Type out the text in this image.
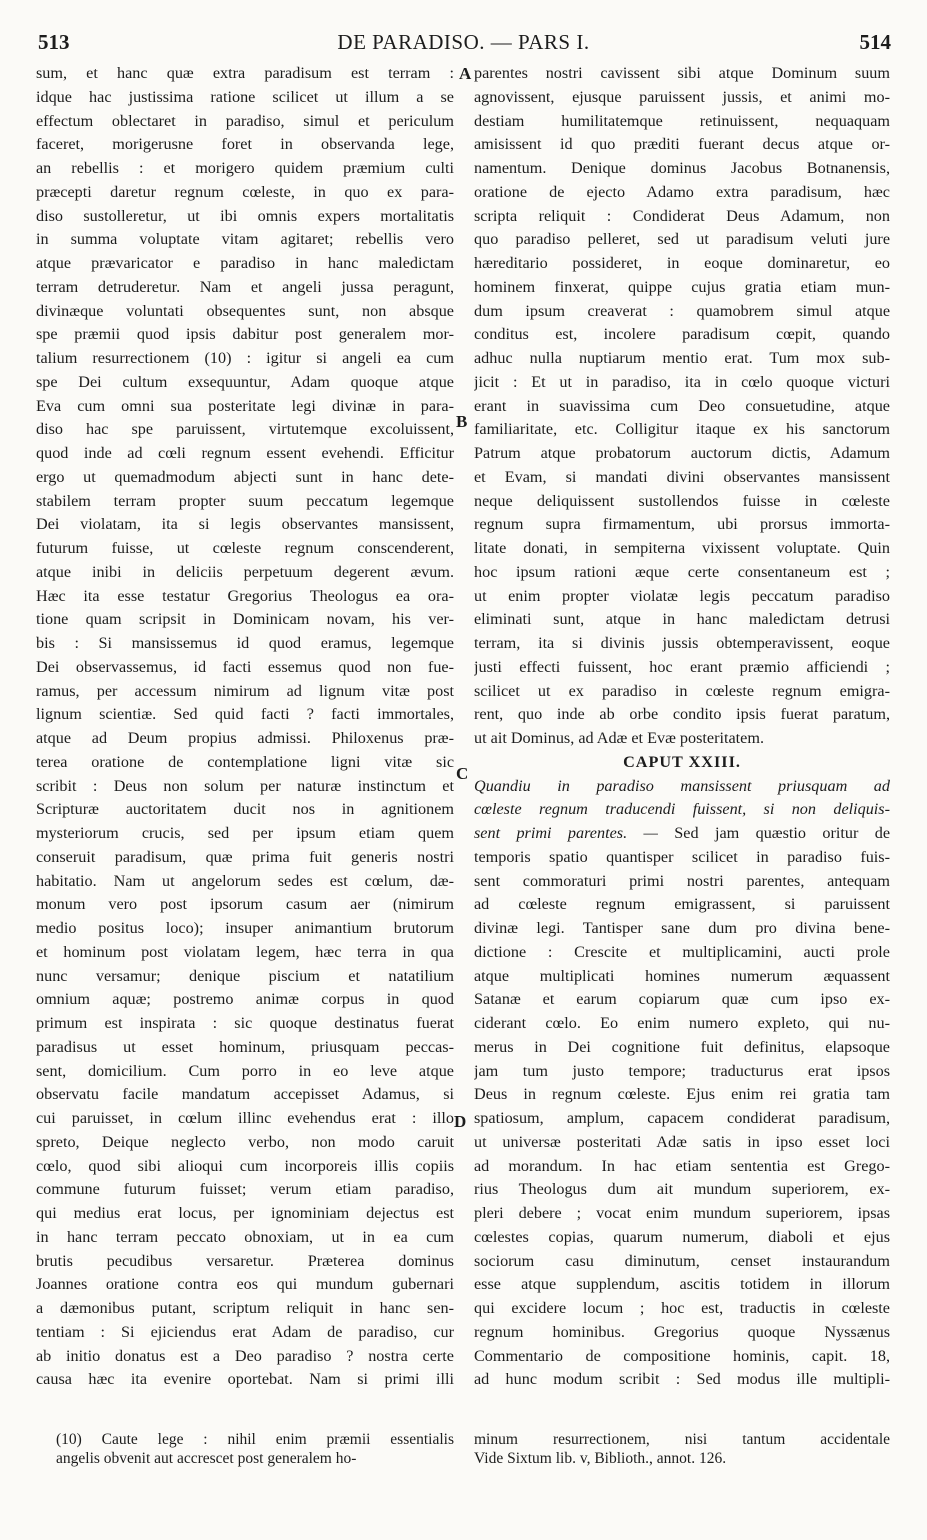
513	DE PARADISO. — PARS I.	514
sum, et hanc quæ extra paradisum est terram :
idque hac justissima ratione scilicet ut illum a se
effectum oblectaret in paradiso, simul et periculum
faceret, morigerusne foret in observanda lege,
an rebellis : et morigero quidem præmium culti
præcepti daretur regnum cœleste, in quo ex para-
diso sustolleretur, ut ibi omnis expers mortalitatis
in summa voluptate vitam agitaret; rebellis vero
atque prævaricator e paradiso in hanc maledictam
terram detruderetur. Nam et angeli jussa peragunt,
divinæque voluntati obsequentes sunt, non absque
spe præmii quod ipsis dabitur post generalem mor-
talium resurrectionem (10) : igitur si angeli ea cum
spe Dei cultum exsequuntur, Adam quoque atque
Eva cum omni sua posteritate legi divinæ in para-
diso hac spe paruissent, virtutemque excoluissent,
quod inde ad cœli regnum essent evehendi. Efficitur
ergo ut quemadmodum abjecti sunt in hanc dete-
stabilem terram propter suum peccatum legemque
Dei violatam, ita si legis observantes mansissent,
futurum fuisse, ut cœleste regnum conscenderent,
atque inibi in deliciis perpetuum degerent ævum.
Hæc ita esse testatur Gregorius Theologus ea ora-
tione quam scripsit in Dominicam novam, his ver-
bis : Si mansissemus id quod eramus, legemque
Dei observassemus, id facti essemus quod non fue-
ramus, per accessum nimirum ad lignum vitæ post
lignum scientiæ. Sed quid facti ? facti immortales,
atque ad Deum propius admissi. Philoxenus præ-
terea oratione de contemplatione ligni vitæ sic
scribit : Deus non solum per naturæ instinctum et
Scripturæ auctoritatem ducit nos in agnitionem
mysteriorum crucis, sed per ipsum etiam quem
conseruit paradisum, quæ prima fuit generis nostri
habitatio. Nam ut angelorum sedes est cœlum, dæ-
monum vero post ipsorum casum aer (nimirum
medio positus loco); insuper animantium brutorum
et hominum post violatam legem, hæc terra in qua
nunc versamur; denique piscium et natatilium
omnium aquæ; postremo animæ corpus in quod
primum est inspirata : sic quoque destinatus fuerat
paradisus ut esset hominum, priusquam peccas-
sent, domicilium. Cum porro in eo leve atque
observatu facile mandatum accepisset Adamus, si
cui paruisset, in cœlum illinc evehendus erat : illo
spreto, Deique neglecto verbo, non modo caruit
cœlo, quod sibi alioqui cum incorporeis illis copiis
commune futurum fuisset; verum etiam paradiso,
qui medius erat locus, per ignominiam dejectus est
in hanc terram peccato obnoxiam, ut in ea cum
brutis pecudibus versaretur. Præterea dominus
Joannes oratione contra eos qui mundum gubernari
a dæmonibus putant, scriptum reliquit in hanc sen-
tentiam : Si ejiciendus erat Adam de paradiso, cur
ab initio donatus est a Deo paradiso ? nostra certe
causa hæc ita evenire oportebat. Nam si primi illi
parentes nostri cavissent sibi atque Dominum suum
agnovissent, ejusque paruissent jussis, et animi mo-
destiam humilitatemque retinuissent, nequaquam
amisissent id quo præditi fuerant decus atque or-
namentum. Denique dominus Jacobus Botnanensis,
oratione de ejecto Adamo extra paradisum, hæc
scripta reliquit : Condiderat Deus Adamum, non
quo paradiso pelleret, sed ut paradisum veluti jure
hæreditario possideret, in eoque dominaretur, eo
hominem finxerat, quippe cujus gratia etiam mun-
dum ipsum creaverat : quamobrem simul atque
conditus est, incolere paradisum cœpit, quando
adhuc nulla nuptiarum mentio erat. Tum mox sub-
jicit : Et ut in paradiso, ita in cœlo quoque victuri
erant in suavissima cum Deo consuetudine, atque
familiaritate, etc. Colligitur itaque ex his sanctorum
Patrum atque probatorum auctorum dictis, Adamum
et Evam, si mandati divini observantes mansissent
neque deliquissent sustollendos fuisse in cœleste
regnum supra firmamentum, ubi prorsus immorta-
litate donati, in sempiterna vixissent voluptate. Quin
hoc ipsum rationi æque certe consentaneum est ;
ut enim propter violatæ legis peccatum paradiso
eliminati sunt, atque in hanc maledictam detrusi
terram, ita si divinis jussis obtemperavissent, eoque
justi effecti fuissent, hoc erant præmio afficiendi ;
scilicet ut ex paradiso in cœleste regnum emigra-
rent, quo inde ab orbe condito ipsis fuerat paratum,
ut ait Dominus, ad Adæ et Evæ posteritatem.
CAPUT XXIII.
Quandiu in paradiso mansissent priusquam ad
cœleste regnum traducendi fuissent, si non deliquis-
sent primi parentes. — Sed jam quæstio oritur de
temporis spatio quantisper scilicet in paradiso fuis-
sent commoraturi primi nostri parentes, antequam
ad cœleste regnum emigrassent, si paruissent
divinæ legi. Tantisper sane dum pro divina bene-
dictione : Crescite et multiplicamini, aucti prole
atque multiplicati homines numerum æquassent
Satanæ et earum copiarum quæ cum ipso ex-
ciderant cœlo. Eo enim numero expleto, qui nu-
merus in Dei cognitione fuit definitus, elapsoque
jam tum justo tempore; traducturus erat ipsos
Deus in regnum cœleste. Ejus enim rei gratia tam
spatiosum, amplum, capacem condiderat paradisum,
ut universæ posteritati Adæ satis in ipso esset loci
ad morandum. In hac etiam sententia est Grego-
rius Theologus dum ait mundum superiorem, ex-
pleri debere ; vocat enim mundum superiorem, ipsas
cœlestes copias, quarum numerum, diaboli et ejus
sociorum casu diminutum, censet instaurandum
esse atque supplendum, ascitis totidem in illorum
qui excidere locum ; hoc est, traductis in cœleste
regnum hominibus. Gregorius quoque Nyssænus
Commentario de compositione hominis, capit. 18,
ad hunc modum scribit : Sed modus ille multipli-
A
B
C
D
(10) Caute lege : nihil enim præmii essentialis
angelis obvenit aut accrescet post generalem ho-
minum resurrectionem, nisi tantum accidentale
Vide Sixtum lib. v, Biblioth., annot. 126.
